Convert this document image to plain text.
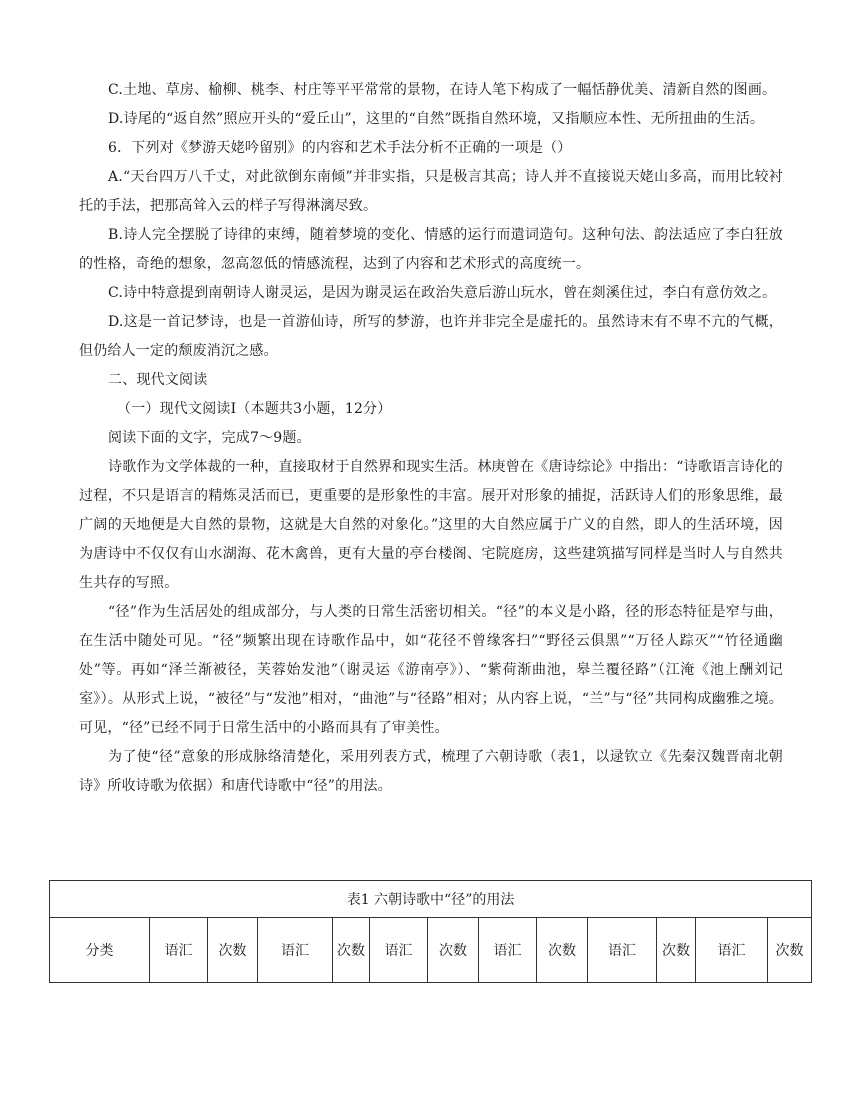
C.土地、草房、榆柳、桃李、村庄等平平常常的景物，在诗人笔下构成了一幅恬静优美、清新自然的图画。

D.诗尾的“返自然”照应开头的“爱丘山”，这里的“自然”既指自然环境，又指顺应本性、无所扭曲的生活。

6．下列对《梦游天姥吟留别》的内容和艺术手法分析不正确的一项是（）

A.“天台四万八千丈，对此欲倒东南倾”并非实指，只是极言其高；诗人并不直接说天姥山多高，而用比较衬托的手法，把那高耸入云的样子写得淋漓尽致。

B.诗人完全摆脱了诗律的束缚，随着梦境的变化、情感的运行而遣词造句。这种句法、韵法适应了李白狂放的性格，奇绝的想象，忽高忽低的情感流程，达到了内容和艺术形式的高度统一。

C.诗中特意提到南朝诗人谢灵运，是因为谢灵运在政治失意后游山玩水，曾在剡溪住过，李白有意仿效之。

D.这是一首记梦诗，也是一首游仙诗，所写的梦游，也许并非完全是虚托的。虽然诗末有不卑不亢的气概，但仍给人一定的颓废消沉之感。

二、现代文阅读

（一）现代文阅读Ⅰ（本题共3小题，12分）

阅读下面的文字，完成7～9题。

诗歌作为文学体裁的一种，直接取材于自然界和现实生活。林庚曾在《唐诗综论》中指出：“诗歌语言诗化的过程，不只是语言的精炼灵活而已，更重要的是形象性的丰富。展开对形象的捕捉，活跃诗人们的形象思维，最广阔的天地便是大自然的景物，这就是大自然的对象化。”这里的大自然应属于广义的自然，即人的生活环境，因为唐诗中不仅仅有山水湖海、花木禽兽，更有大量的亭台楼阁、宅院庭房，这些建筑描写同样是当时人与自然共生共存的写照。

“径”作为生活居处的组成部分，与人类的日常生活密切相关。“径”的本义是小路，径的形态特征是窄与曲，在生活中随处可见。“径”频繁出现在诗歌作品中，如“花径不曾缘客扫”“野径云俱黑”“万径人踪灭”“竹径通幽处”等。再如“泽兰渐被径，芙蓉始发池”（谢灵运《游南亭》）、“紫荷渐曲池，皋兰覆径路”（江淹《池上酬刘记室》）。从形式上说，“被径”与“发池”相对，“曲池”与“径路”相对；从内容上说，“兰”与“径”共同构成幽雅之境。可见，“径”已经不同于日常生活中的小路而具有了审美性。

为了使“径”意象的形成脉络清楚化，采用列表方式，梳理了六朝诗歌（表1，以逯钦立《先秦汉魏晋南北朝诗》所收诗歌为依据）和唐代诗歌中“径”的用法。

表1 六朝诗歌中“径”的用法
分类	语汇	次数	语汇	次数	语汇	次数	语汇	次数	语汇	次数	语汇	次数
